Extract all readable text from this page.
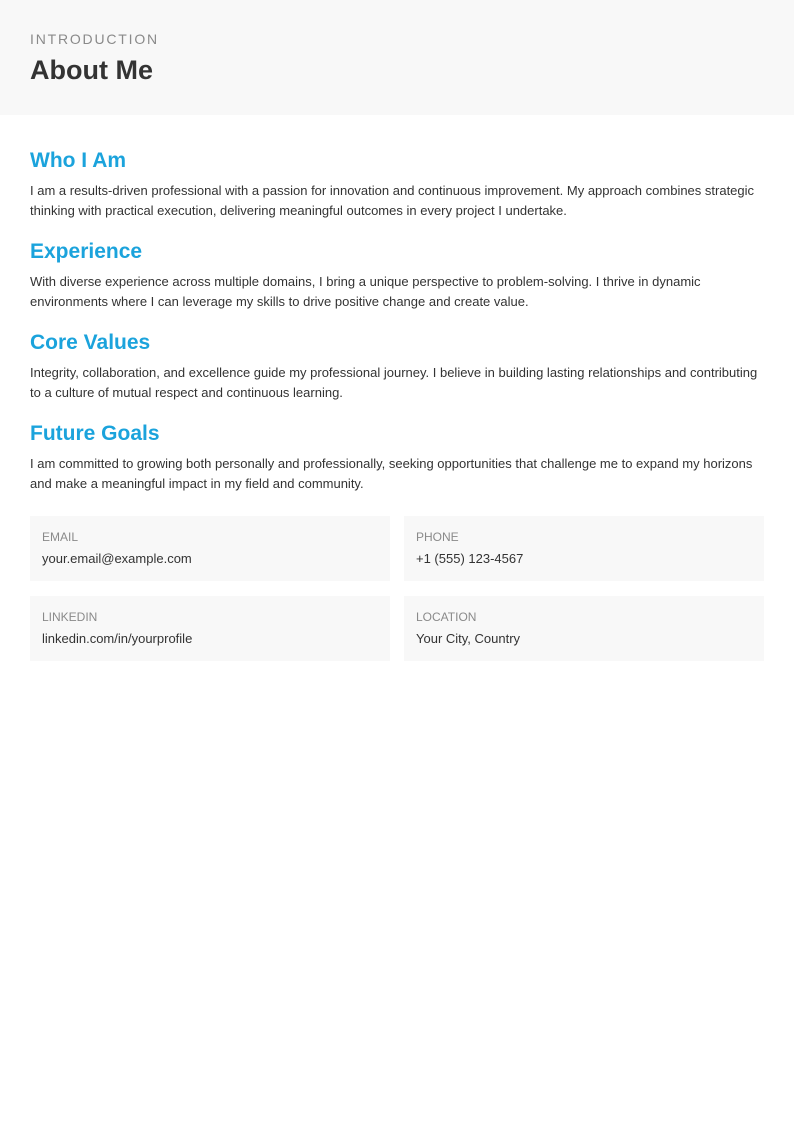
INTRODUCTION
About Me
Who I Am

I am a results-driven professional with a passion for innovation and continuous improvement. My approach combines strategic thinking with practical execution, delivering meaningful outcomes in every project I undertake.

Experience

With diverse experience across multiple domains, I bring a unique perspective to problem-solving. I thrive in dynamic environments where I can leverage my skills to drive positive change and create value.

Core Values

Integrity, collaboration, and excellence guide my professional journey. I believe in building lasting relationships and contributing to a culture of mutual respect and continuous learning.

Future Goals

I am committed to growing both personally and professionally, seeking opportunities that challenge me to expand my horizons and make a meaningful impact in my field and community.

EMAIL
your.email@example.com
PHONE
+1 (555) 123-4567
LINKEDIN
linkedin.com/in/yourprofile
LOCATION
Your City, Country
